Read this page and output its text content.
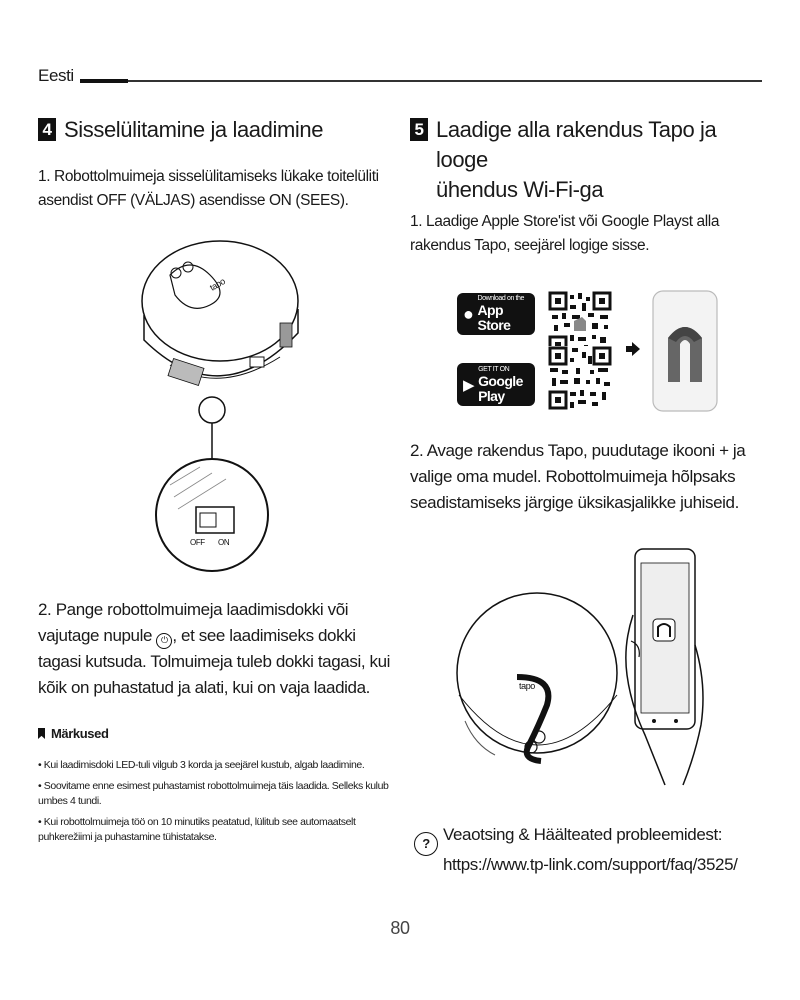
Eesti
4 Sisselülitamine ja laadimine
1. Robottolmuimeja sisselülitamiseks lükake toitelüliti asendist OFF (VÄLJAS) asendisse ON (SEES).
tapo
OFF ON
2. Pange robottolmuimeja laadimisdokki või vajutage nupule ⏻ , et see laadimiseks dokki tagasi kutsuda. Tolmuimeja tuleb dokki tagasi, kui kõik on puhastatud ja alati, kui on vaja laadida.
Märkused

• Kui laadimisdoki LED-tuli vilgub 3 korda ja seejärel kustub, algab laadimine.

• Soovitame enne esimest puhastamist robottolmuimeja täis laadida. Selleks kulub umbes 4 tundi.

• Kui robottolmuimeja töö on 10 minutiks peatatud, lülitub see automaatselt puhkerežiimi ja puhastamine tühistatakse.

5 Laadige alla rakendus Tapo ja looge
ühendus Wi-Fi-ga
1. Laadige Apple Store'ist või Google Playst alla rakendus Tapo, seejärel logige sisse.
●
Download on the
App Store
▶
GET IT ON
Google Play
2. Avage rakendus Tapo, puudutage ikooni + ja valige oma mudel. Robottolmuimeja hõlpsaks seadistamiseks järgige üksikasjalikke juhiseid.
tapo
? Veaotsing & Häälteated probleemidest:
https://www.tp-link.com/support/faq/3525/
80
